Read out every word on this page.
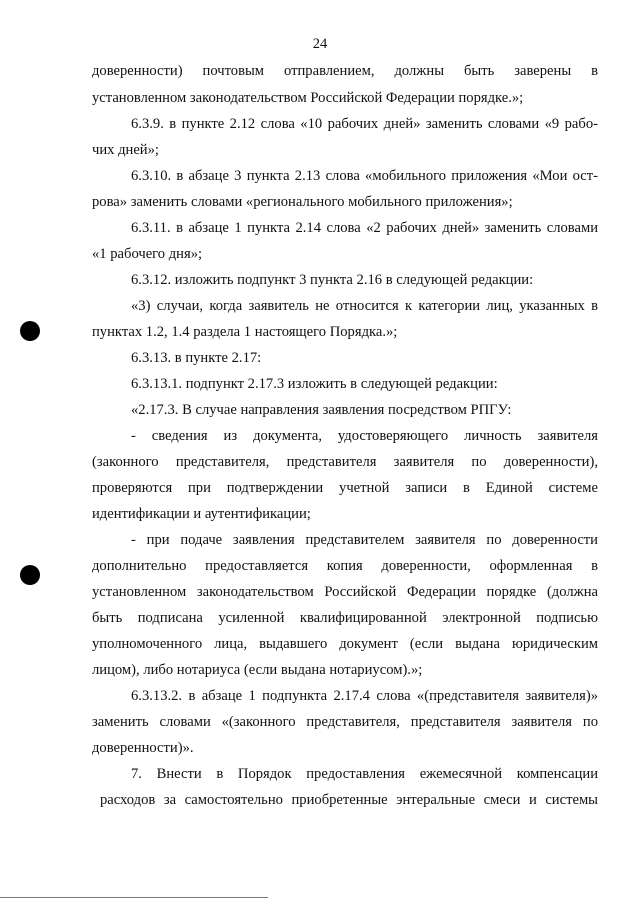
24
доверенности) почтовым отправлением, должны быть заверены в
установленном законодательством Российской Федерации порядке.»;
6.3.9. в пункте 2.12 слова «10 рабочих дней» заменить словами «9 рабо-
чих дней»;
6.3.10. в абзаце 3 пункта 2.13 слова «мобильного приложения «Мои ост-
рова» заменить словами «регионального мобильного приложения»;
6.3.11. в абзаце 1 пункта 2.14 слова «2 рабочих дней» заменить словами
«1 рабочего дня»;
6.3.12. изложить подпункт 3 пункта 2.16 в следующей редакции:
«3) случаи, когда заявитель не относится к категории лиц, указанных в
пунктах 1.2, 1.4 раздела 1 настоящего Порядка.»;
6.3.13. в пункте 2.17:
6.3.13.1. подпункт 2.17.3 изложить в следующей редакции:
«2.17.3. В случае направления заявления посредством РПГУ:
- сведения из документа, удостоверяющего личность заявителя
(законного представителя, представителя заявителя по доверенности),
проверяются при подтверждении учетной записи в Единой системе
идентификации и аутентификации;
- при подаче заявления представителем заявителя по доверенности
дополнительно предоставляется копия доверенности, оформленная в
установленном законодательством Российской Федерации порядке (должна
быть подписана усиленной квалифицированной электронной подписью
уполномоченного лица, выдавшего документ (если выдана юридическим
лицом), либо нотариуса (если выдана нотариусом).»;
6.3.13.2. в абзаце 1 подпункта 2.17.4 слова «(представителя заявителя)»
заменить словами «(законного представителя, представителя заявителя по
доверенности)».
7. Внести в Порядок предоставления ежемесячной компенсации
расходов за самостоятельно приобретенные энтеральные смеси и системы
